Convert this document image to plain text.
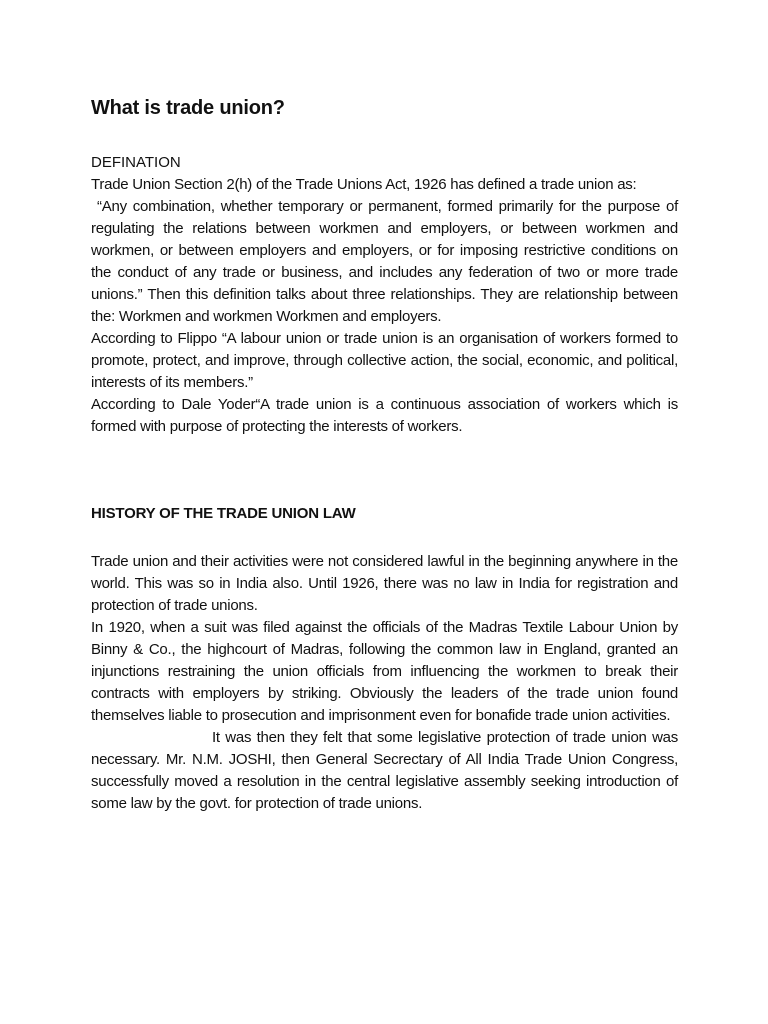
What is trade union?

DEFINATION

Trade Union Section 2(h) of the Trade Unions Act, 1926 has defined a trade union as:

“Any combination, whether temporary or permanent, formed primarily for the purpose of regulating the relations between workmen and employers, or between workmen and workmen, or between employers and employers, or for imposing restrictive conditions on the conduct of any trade or business, and includes any federation of two or more trade unions.” Then this definition talks about three relationships. They are relationship between the: Workmen and workmen Workmen and employers.

According to Flippo “A labour union or trade union is an organisation of workers formed to promote, protect, and improve, through collective action, the social, economic, and political, interests of its members.”

According to Dale Yoder“A trade union is a continuous association of workers which is formed with purpose of protecting the interests of workers.

HISTORY OF THE TRADE UNION LAW

Trade union and their activities were not considered lawful in the beginning anywhere in the world. This was so in India also. Until 1926, there was no law in India for registration and protection of trade unions.

In 1920, when a suit was filed against the officials of the Madras Textile Labour Union by Binny & Co., the highcourt of Madras, following the common law in England, granted an injunctions restraining the union officials from influencing the workmen to break their contracts with employers by striking. Obviously the leaders of the trade union found themselves liable to prosecution and imprisonment even for bonafide trade union activities.

It was then they felt that some legislative protection of trade union was necessary. Mr. N.M. JOSHI, then General Secrectary of All India Trade Union Congress, successfully moved a resolution in the central legislative assembly seeking introduction of some law by the govt. for protection of trade unions.
